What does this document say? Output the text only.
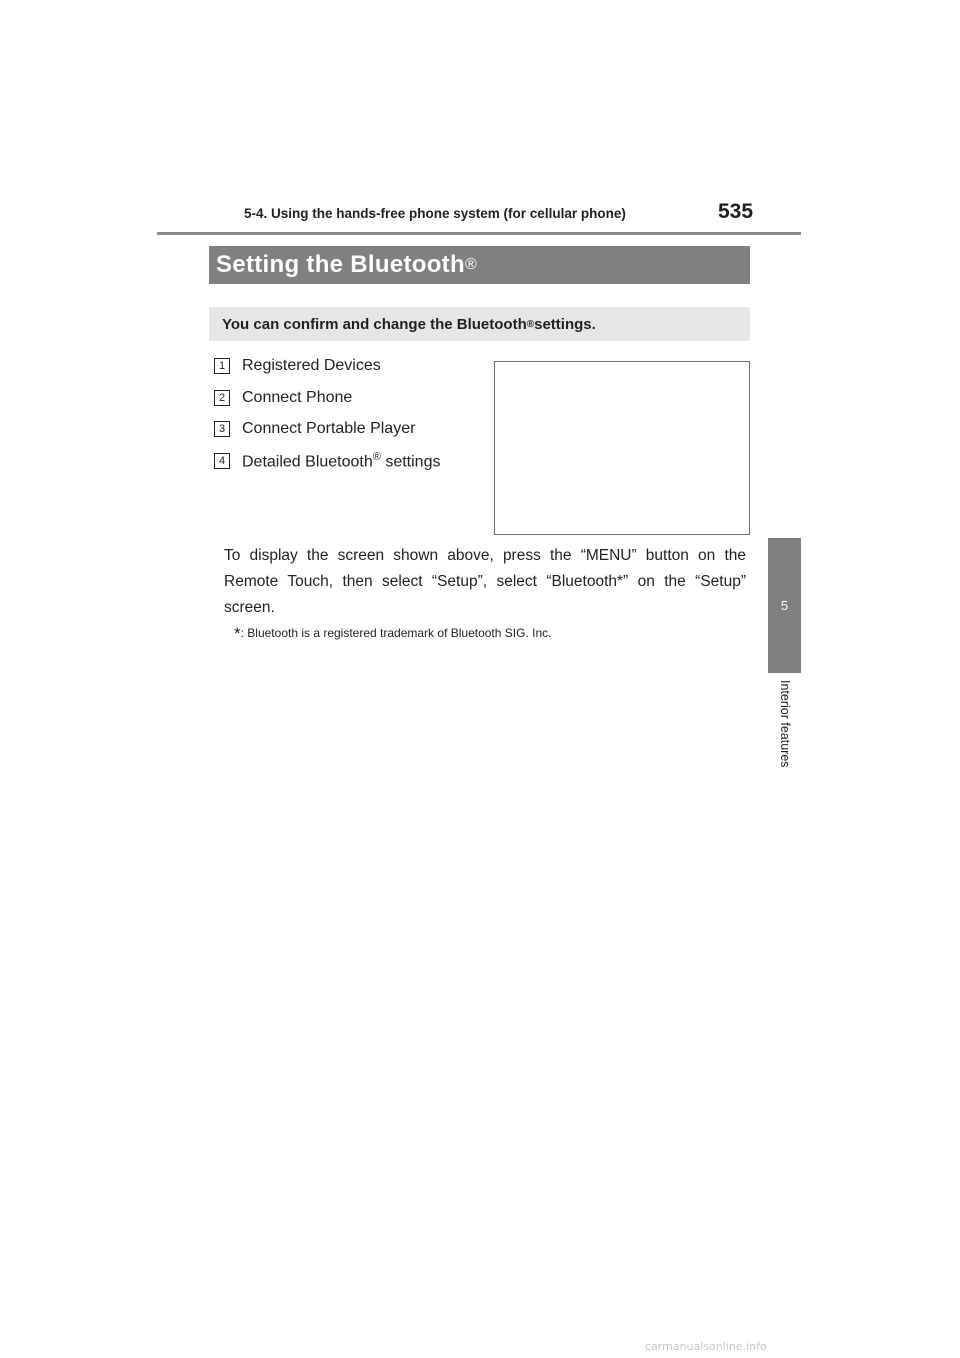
5-4. Using the hands-free phone system (for cellular phone)	535
5
Interior features
Setting the Bluetooth ®
You can confirm and change the Bluetooth ® settings.
1	Registered Devices
2	Connect Phone
3	Connect Portable Player
4	Detailed Bluetooth® settings

To display the screen shown above, press the “MENU” button on the Remote Touch, then select “Setup”, select “Bluetooth*” on the “Setup” screen.

*: Bluetooth is a registered trademark of Bluetooth SIG. Inc.
carmanualsonline.info
